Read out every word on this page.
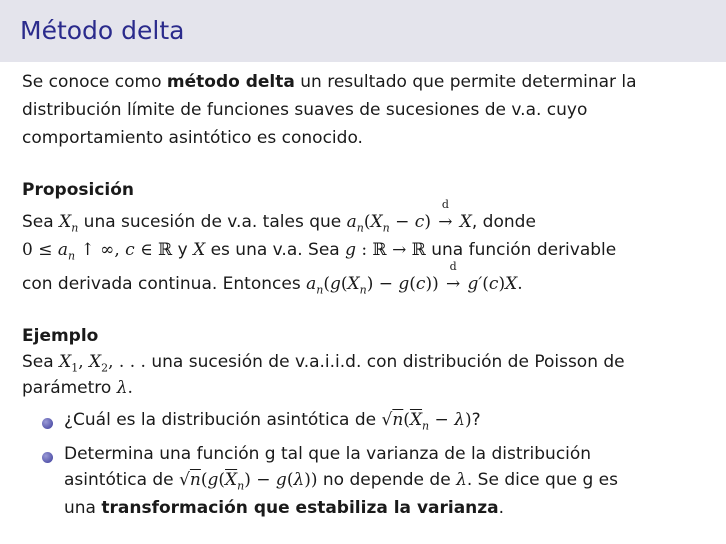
Método delta
Se conoce como método delta un resultado que permite determinar la
distribución límite de funciones suaves de sucesiones de v.a. cuyo
comportamiento asintótico es conocido.
Proposición
Sea $X_n$ una sucesión de v.a. tales que $a_n(X_n - c)$
d
→ X, donde
$0 \le a_n$ ↑ ∞, c ∈ ℝ y X es una v.a. Sea g : ℝ → ℝ una función derivable
con derivada continua. Entonces $a_n(g(X_n) - g(c))$
d
→ g′(c)X.
Ejemplo
Sea $X_1$, $X_2$, . . . una sucesión de v.a.i.i.d. con distribución de Poisson de
parámetro λ.
¿Cuál es la distribución asintótica de $√n(\overline{X}_n - \lambda)$?
Determina una función g tal que la varianza de la distribución
asintótica de $√n(g(\overline{X}_n) - g(\lambda))$ no depende de λ. Se dice que g es
una transformación que estabiliza la varianza.
